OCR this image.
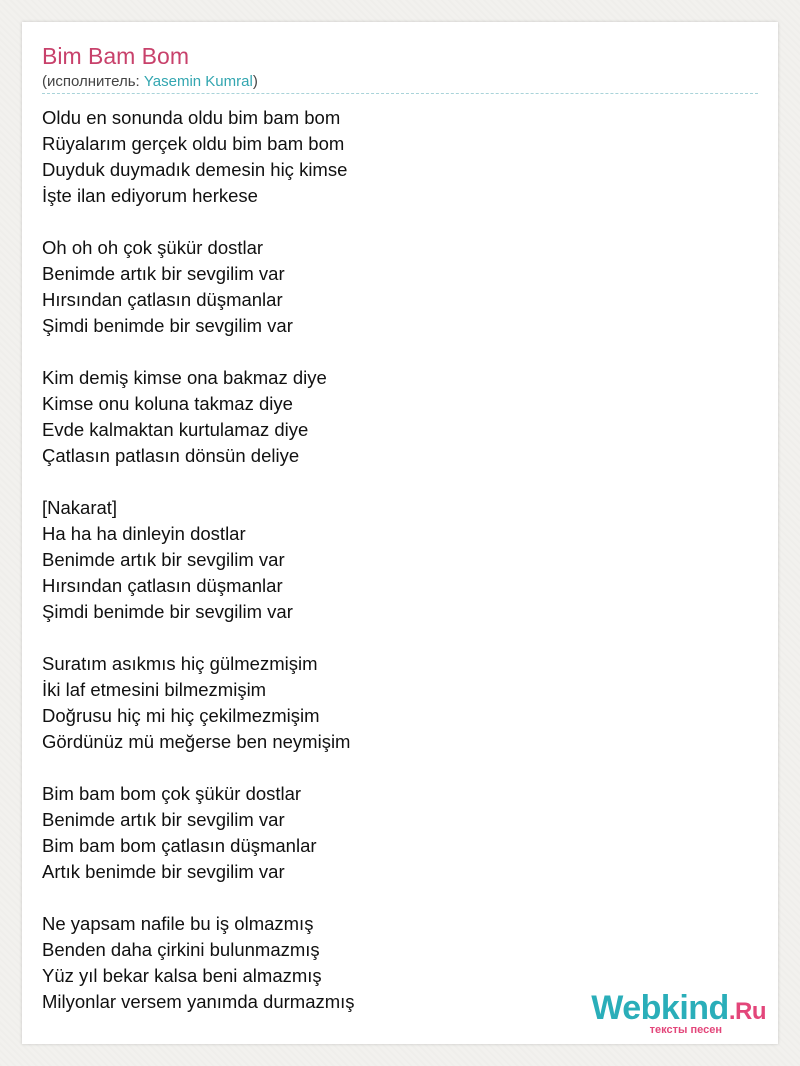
Bim Bam Bom
(исполнитель: Yasemin Kumral)
Oldu en sonunda oldu bim bam bom
Rüyalarım gerçek oldu bim bam bom
Duyduk duymadık demesin hiç kimse
İşte ilan ediyorum herkese
Oh oh oh çok şükür dostlar
Benimde artık bir sevgilim var
Hırsından çatlasın düşmanlar
Şimdi benimde bir sevgilim var
Kim demiş kimse ona bakmaz diye
Kimse onu koluna takmaz diye
Evde kalmaktan kurtulamaz diye
Çatlasın patlasın dönsün deliye
[Nakarat]
Ha ha ha dinleyin dostlar
Benimde artık bir sevgilim var
Hırsından çatlasın düşmanlar
Şimdi benimde bir sevgilim var
Suratım asıkmıs hiç gülmezmişim
İki laf etmesini bilmezmişim
Doğrusu hiç mi hiç çekilmezmişim
Gördünüz mü meğerse ben neymişim
Bim bam bom çok şükür dostlar
Benimde artık bir sevgilim var
Bim bam bom çatlasın düşmanlar
Artık benimde bir sevgilim var
Ne yapsam nafile bu iş olmazmış
Benden daha çirkini bulunmazmış
Yüz yıl bekar kalsa beni almazmış
Milyonlar versem yanımda durmazmış	Webkind.Ru
тексты песен
